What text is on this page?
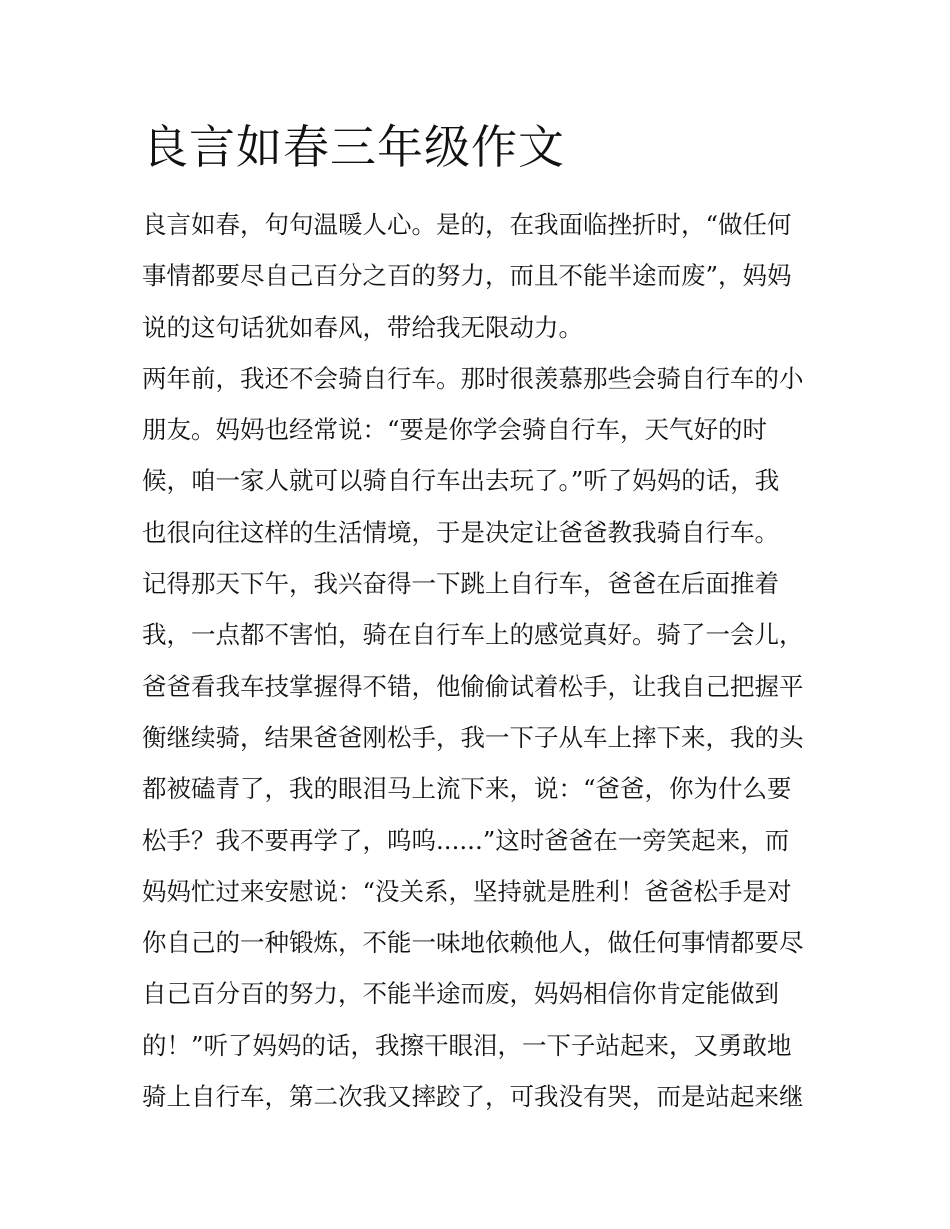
良言如春三年级作文
良言如春，句句温暖人心。是的，在我面临挫折时，“做任何
事情都要尽自己百分之百的努力，而且不能半途而废”，妈妈
说的这句话犹如春风，带给我无限动力。
两年前，我还不会骑自行车。那时很羡慕那些会骑自行车的小
朋友。妈妈也经常说：“要是你学会骑自行车，天气好的时
候，咱一家人就可以骑自行车出去玩了。”听了妈妈的话，我
也很向往这样的生活情境，于是决定让爸爸教我骑自行车。
记得那天下午，我兴奋得一下跳上自行车，爸爸在后面推着
我，一点都不害怕，骑在自行车上的感觉真好。骑了一会儿，
爸爸看我车技掌握得不错，他偷偷试着松手，让我自己把握平
衡继续骑，结果爸爸刚松手，我一下子从车上摔下来，我的头
都被磕青了，我的眼泪马上流下来，说：“爸爸，你为什么要
松手？我不要再学了，呜呜......”这时爸爸在一旁笑起来，而
妈妈忙过来安慰说：“没关系，坚持就是胜利！爸爸松手是对
你自己的一种锻炼，不能一味地依赖他人，做任何事情都要尽
自己百分百的努力，不能半途而废，妈妈相信你肯定能做到
的！”听了妈妈的话，我擦干眼泪，一下子站起来，又勇敢地
骑上自行车，第二次我又摔跤了，可我没有哭，而是站起来继
